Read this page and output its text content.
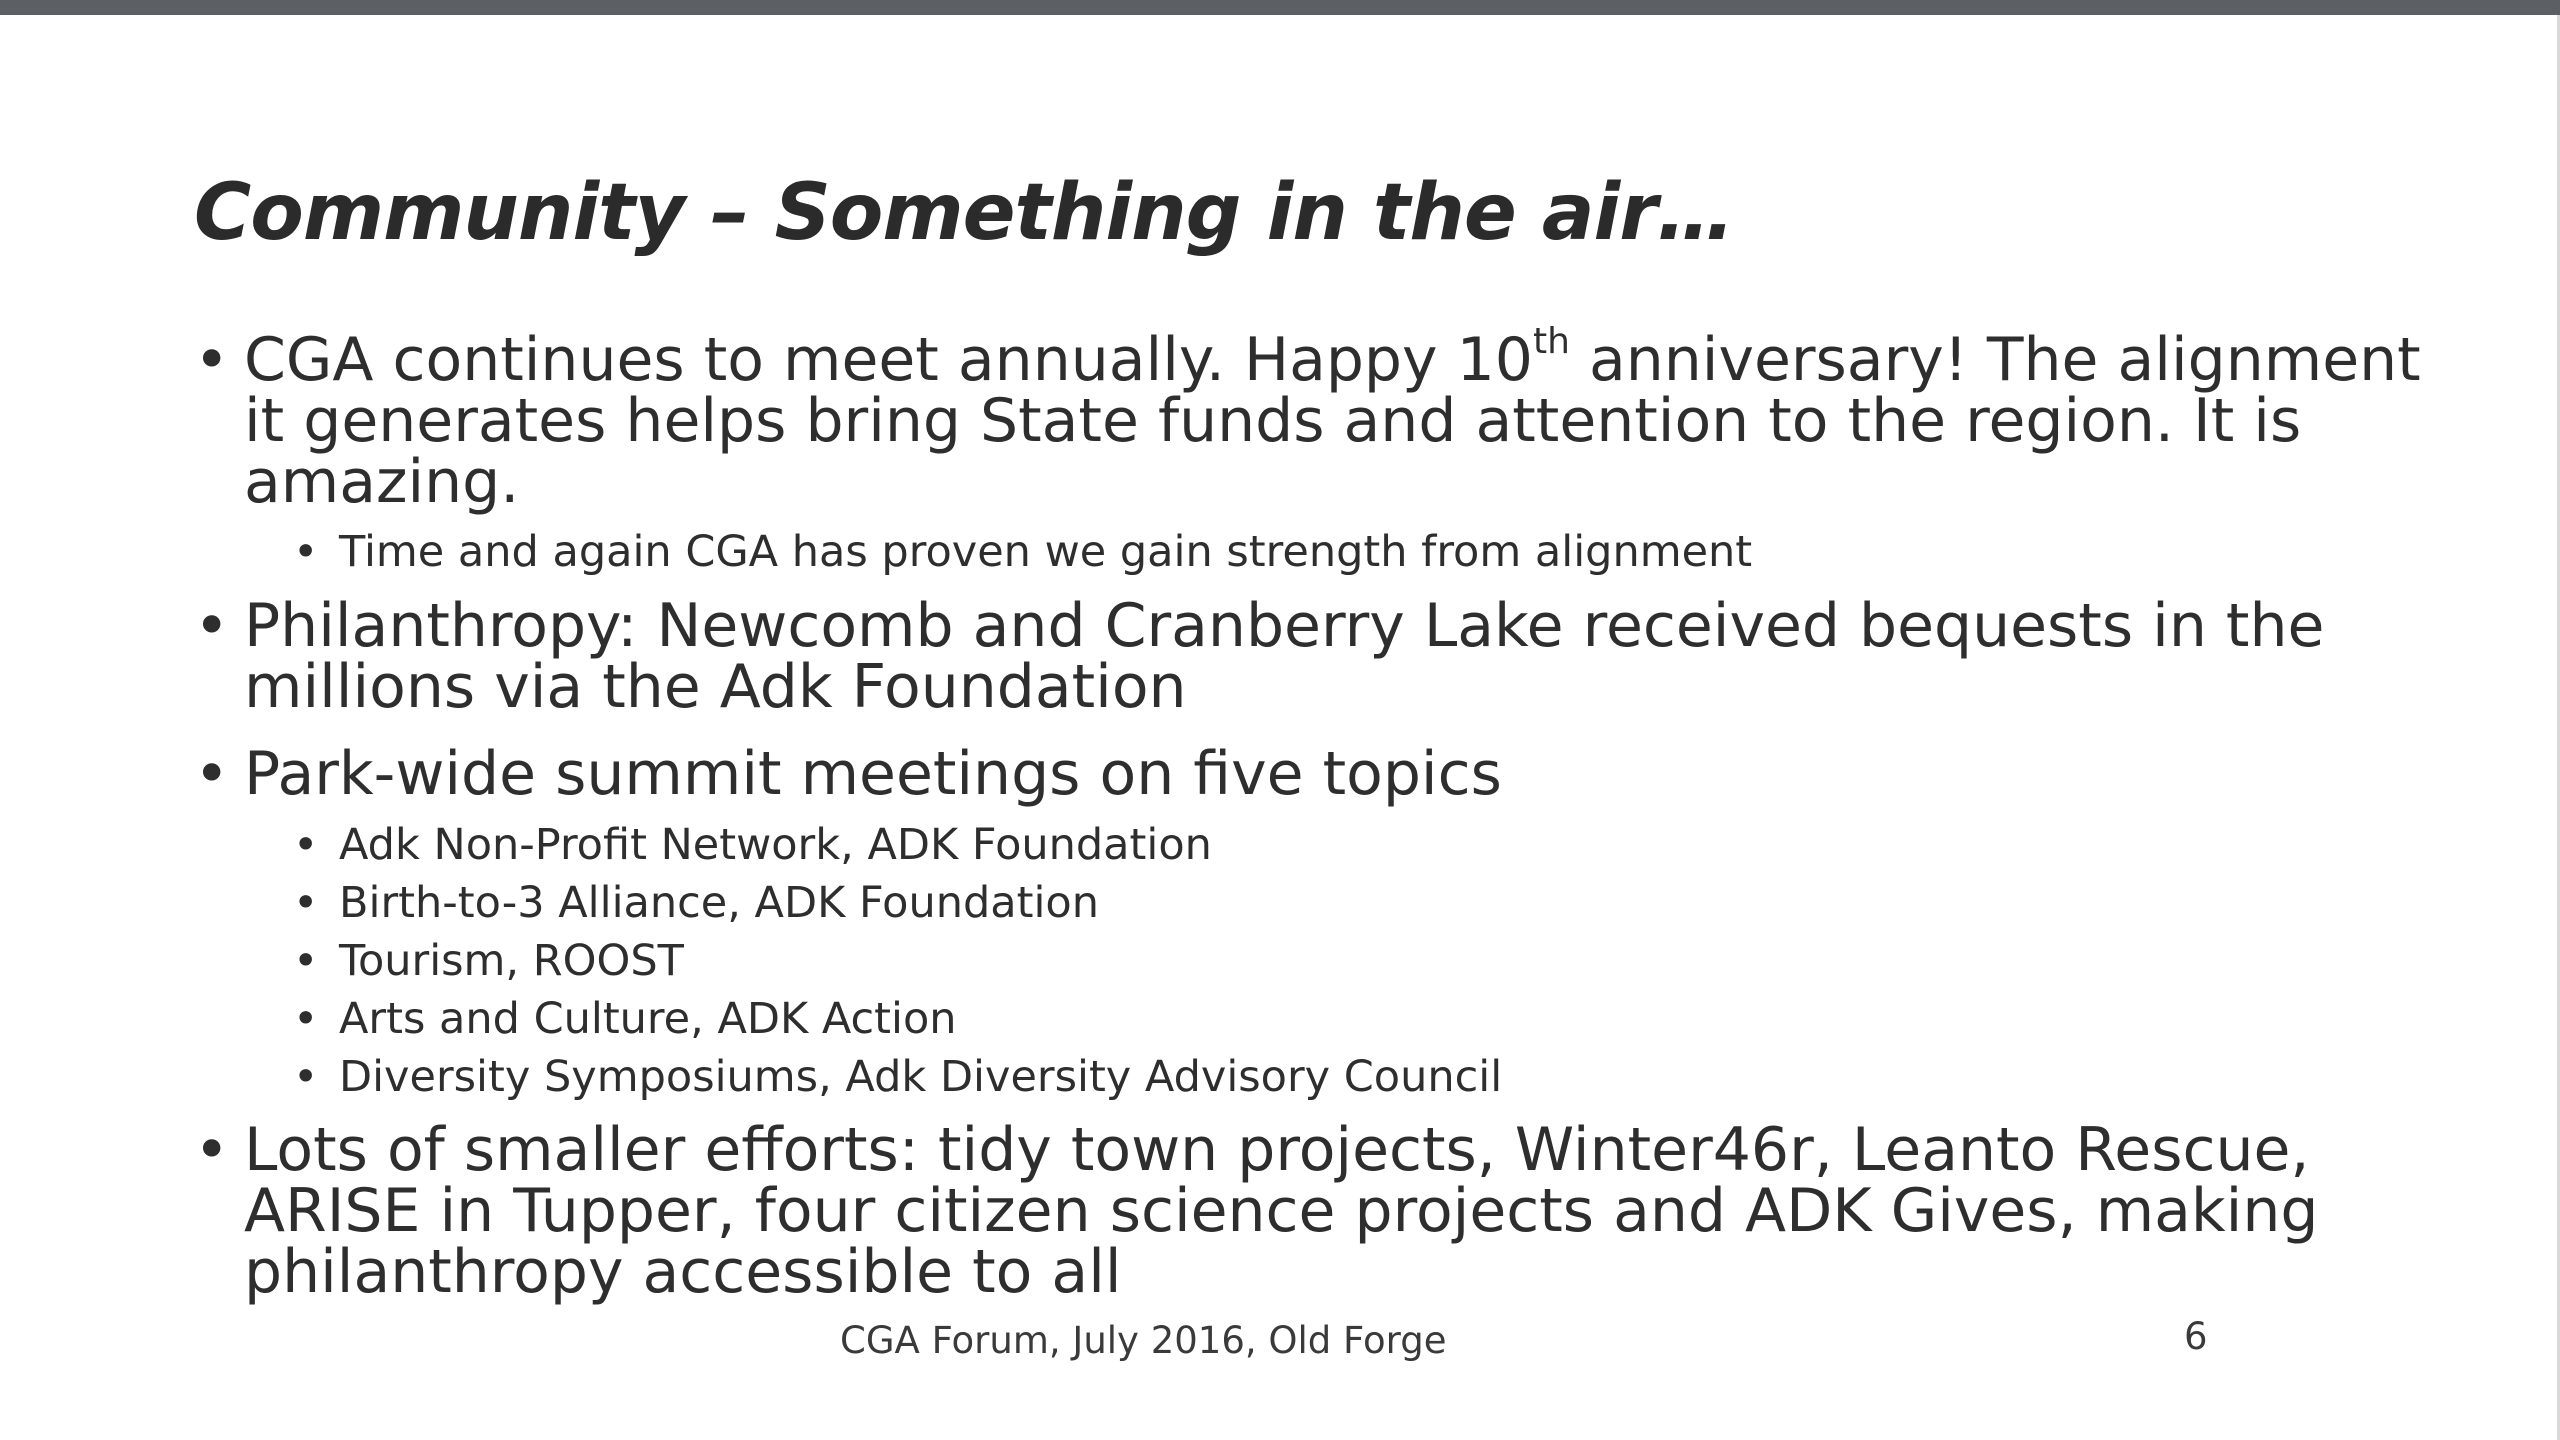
Community – Something in the air…
• CGA continues to meet annually. Happy 10th anniversary! The alignment
it generates helps bring State funds and attention to the region. It is
amazing.
• Time and again CGA has proven we gain strength from alignment
• Philanthropy: Newcomb and Cranberry Lake received bequests in the
millions via the Adk Foundation
• Park-wide summit meetings on five topics
• Adk Non-Profit Network, ADK Foundation
• Birth-to-3 Alliance, ADK Foundation
• Tourism, ROOST
• Arts and Culture, ADK Action
• Diversity Symposiums, Adk Diversity Advisory Council
• Lots of smaller efforts: tidy town projects, Winter46r, Leanto Rescue,
ARISE in Tupper, four citizen science projects and ADK Gives, making
philanthropy accessible to all
CGA Forum, July 2016, Old Forge	6
